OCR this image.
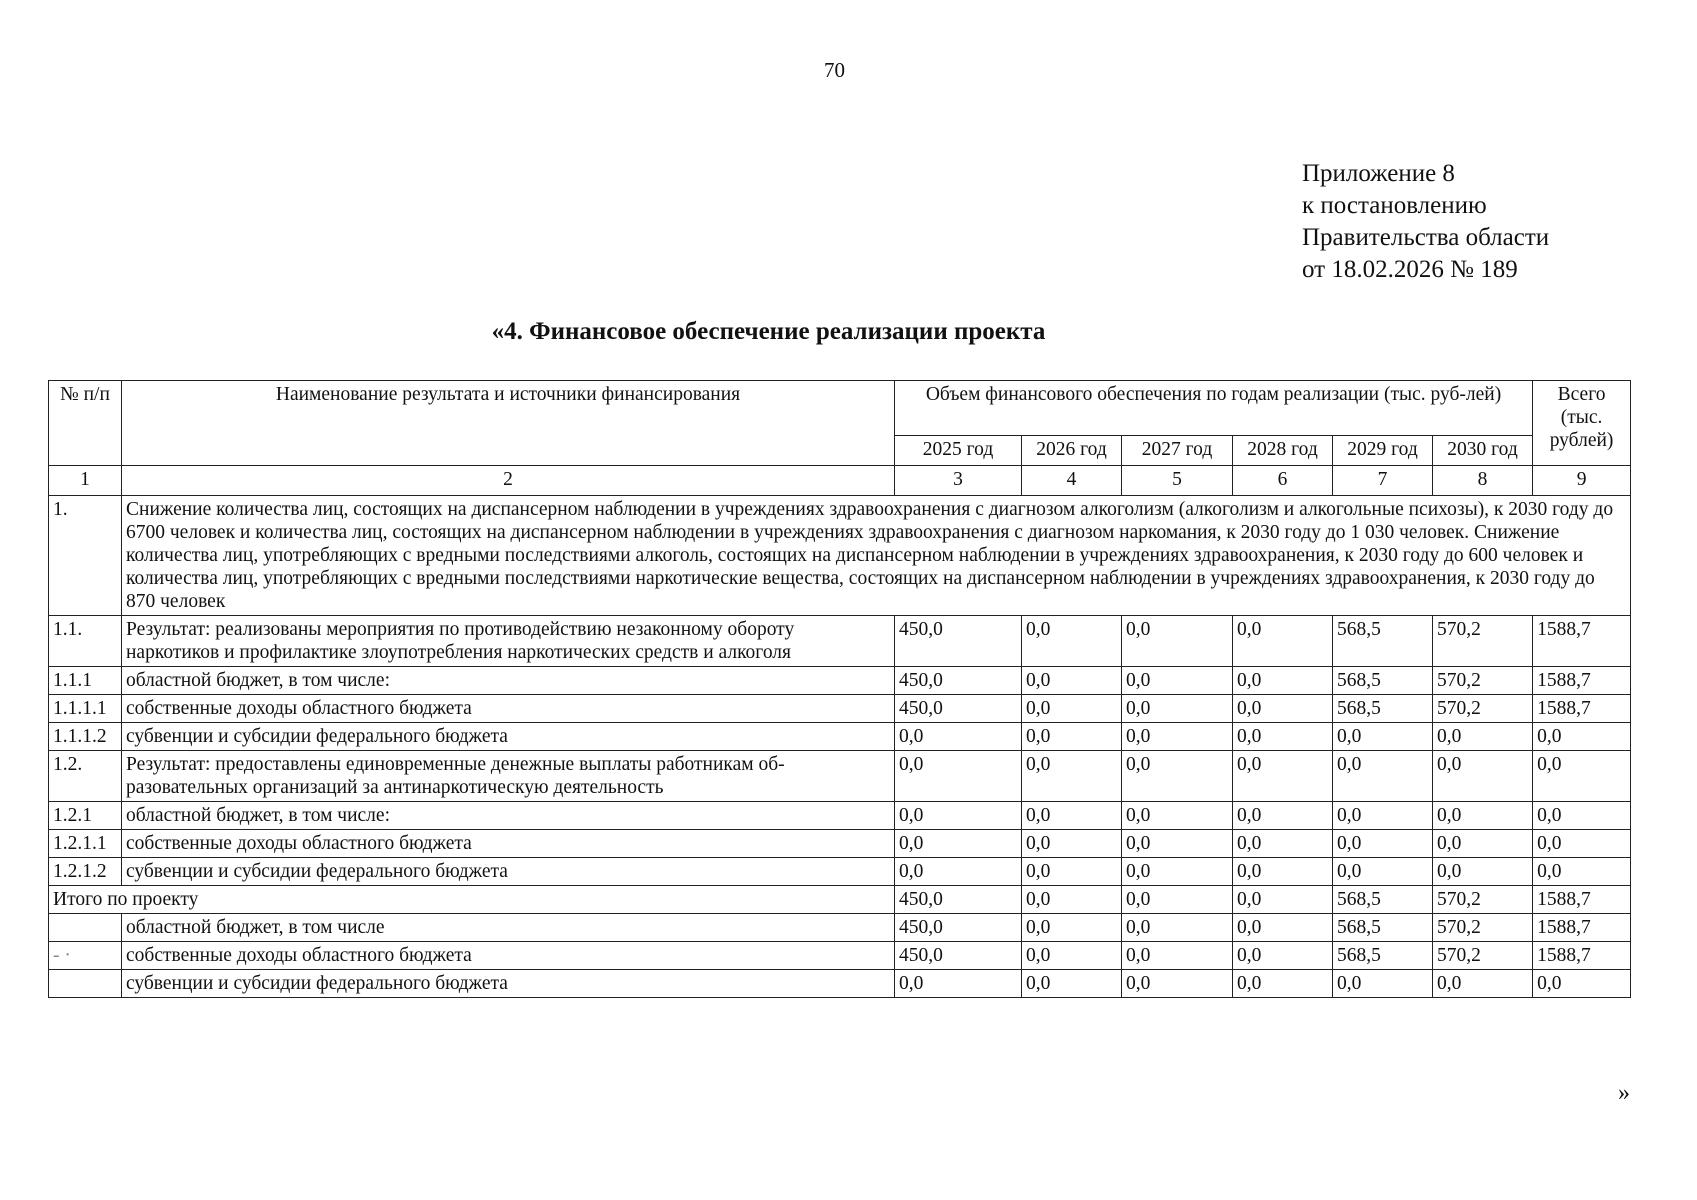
70
Приложение 8
к постановлению
Правительства области
от 18.02.2026 № 189
«4. Финансовое обеспечение реализации проекта
№ п/п	Наименование результата и источники финансирования	Объем финансового обеспечения по годам реализации (тыс. руб-лей)						Всего (тыс. рублей)
		2025 год	2026 год	2027 год	2028 год	2029 год	2030 год	
1	2	3	4	5	6	7	8	9
1.	Снижение количества лиц, состоящих на диспансерном наблюдении в учреждениях здравоохранения с диагнозом алкоголизм (алкоголизм и алкогольные психозы), к 2030 году до 6700 человек и количества лиц, состоящих на диспансерном наблюдении в учреждениях здравоохранения с диагнозом наркомания, к 2030 году до 1 030 человек. Снижение количества лиц, употребляющих с вредными последствиями алкоголь, состоящих на диспансерном наблюдении в учреждениях здравоохранения, к 2030 году до 600 человек и количества лиц, употребляющих с вредными последствиями наркотические вещества, состоящих на диспансерном наблюдении в учреждениях здравоохранения, к 2030 году до 870 человек							
1.1.	Результат: реализованы мероприятия по противодействию незаконному обороту наркотиков и профилактике злоупотребления наркотических средств и алкоголя	450,0	0,0	0,0	0,0	568,5	570,2	1588,7
1.1.1	областной бюджет, в том числе:	450,0	0,0	0,0	0,0	568,5	570,2	1588,7
1.1.1.1	собственные доходы областного бюджета	450,0	0,0	0,0	0,0	568,5	570,2	1588,7
1.1.1.2	субвенции и субсидии федерального бюджета	0,0	0,0	0,0	0,0	0,0	0,0	0,0
1.2.	Результат: предоставлены единовременные денежные выплаты работникам об-разовательных организаций за антинаркотическую деятельность	0,0	0,0	0,0	0,0	0,0	0,0	0,0
1.2.1	областной бюджет, в том числе:	0,0	0,0	0,0	0,0	0,0	0,0	0,0
1.2.1.1	собственные доходы областного бюджета	0,0	0,0	0,0	0,0	0,0	0,0	0,0
1.2.1.2	субвенции и субсидии федерального бюджета	0,0	0,0	0,0	0,0	0,0	0,0	0,0
Итого по проекту		450,0	0,0	0,0	0,0	568,5	570,2	1588,7
	областной бюджет, в том числе	450,0	0,0	0,0	0,0	568,5	570,2	1588,7
- ·	собственные доходы областного бюджета	450,0	0,0	0,0	0,0	568,5	570,2	1588,7
	субвенции и субсидии федерального бюджета	0,0	0,0	0,0	0,0	0,0	0,0	0,0
»
